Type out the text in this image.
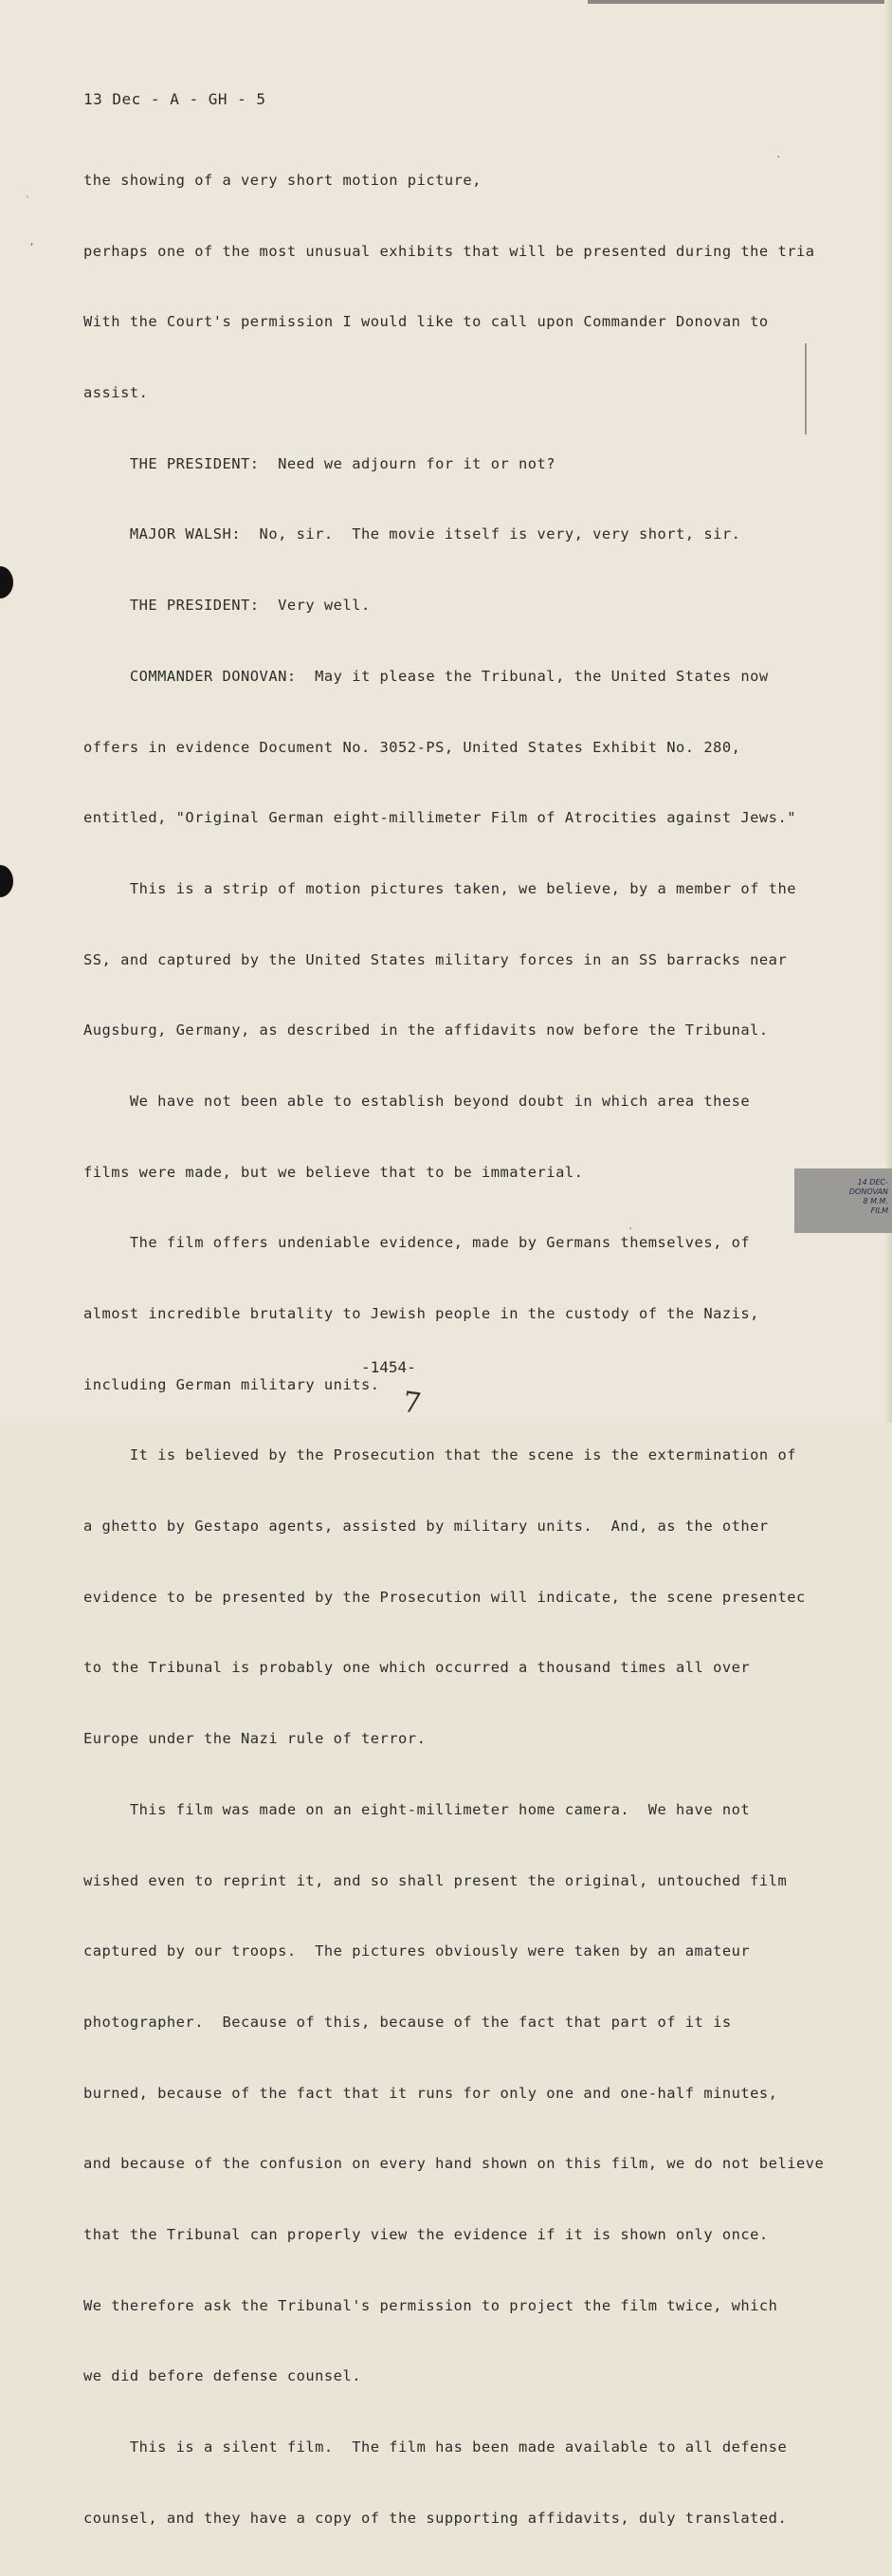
`
’
·
·

13 Dec - A - GH - 5

the showing of a very short motion picture,

perhaps one of the most unusual exhibits that will be presented during the tria

With the Court's permission I would like to call upon Commander Donovan to

assist.

THE PRESIDENT:  Need we adjourn for it or not?

MAJOR WALSH:  No, sir.  The movie itself is very, very short, sir.

THE PRESIDENT:  Very well.

COMMANDER DONOVAN:  May it please the Tribunal, the United States now

offers in evidence Document No. 3052-PS, United States Exhibit No. 280,

entitled, "Original German eight-millimeter Film of Atrocities against Jews."

This is a strip of motion pictures taken, we believe, by a member of the

SS, and captured by the United States military forces in an SS barracks near

Augsburg, Germany, as described in the affidavits now before the Tribunal.

We have not been able to establish beyond doubt in which area these

films were made, but we believe that to be immaterial.

The film offers undeniable evidence, made by Germans themselves, of

almost incredible brutality to Jewish people in the custody of the Nazis,

including German military units.

It is believed by the Prosecution that the scene is the extermination of

a ghetto by Gestapo agents, assisted by military units.  And, as the other

evidence to be presented by the Prosecution will indicate, the scene presentec

to the Tribunal is probably one which occurred a thousand times all over

Europe under the Nazi rule of terror.

This film was made on an eight-millimeter home camera.  We have not

wished even to reprint it, and so shall present the original, untouched film

captured by our troops.  The pictures obviously were taken by an amateur

photographer.  Because of this, because of the fact that part of it is

burned, because of the fact that it runs for only one and one-half minutes,

and because of the confusion on every hand shown on this film, we do not believe

that the Tribunal can properly view the evidence if it is shown only once.

We therefore ask the Tribunal's permission to project the film twice, which

we did before defense counsel.

This is a silent film.  The film has been made available to all defense

counsel, and they have a copy of the supporting affidavits, duly translated.

-1454-
7
14 DEC-
DONOVAN
8 M.M.
FILM
